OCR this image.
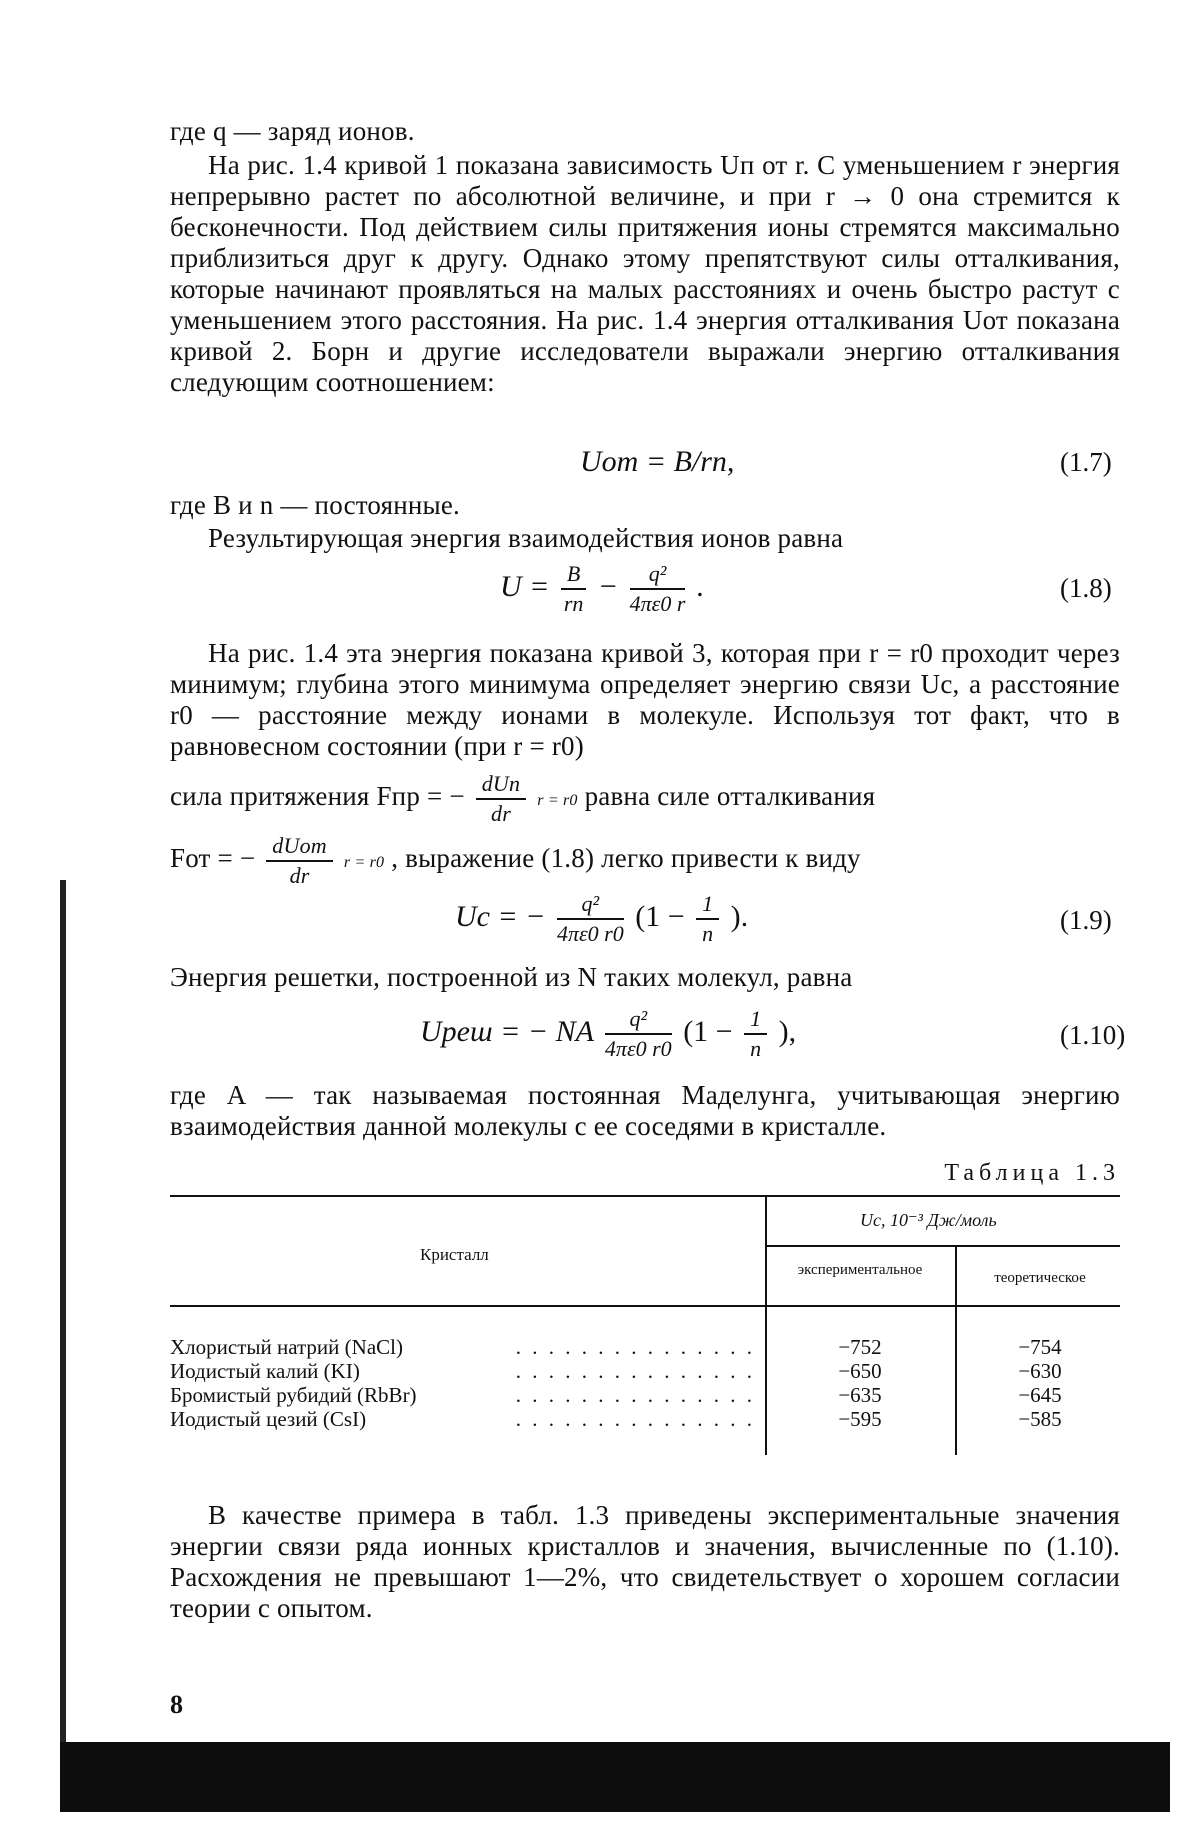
где q — заряд ионов.
На рис. 1.4 кривой 1 показана зависимость Uп от r. С уменьшением r энергия непрерывно растет по абсолютной величине, и при r → 0 она стремится к бесконечности. Под действием силы притяжения ионы стремятся максимально приблизиться друг к другу. Однако этому препятствуют силы отталкивания, которые начинают проявляться на малых расстояниях и очень быстро растут с уменьшением этого расстояния. На рис. 1.4 энергия отталкивания Uот показана кривой 2. Борн и другие исследователи выражали энергию отталкивания следующим соотношением:
Uот = B/rn,	(1.7)
где B и n — постоянные.
Результирующая энергия взаимодействия ионов равна
$U = \frac{B}{rn} - \frac{\text{q²}}{4\pi\varepsilon 0 r}$ .	(1.8)
На рис. 1.4 эта энергия показана кривой 3, которая при r = r0 проходит через минимум; глубина этого минимума определяет энергию связи Uс, а расстояние r0 — расстояние между ионами в молекуле. Используя тот факт, что в равновесном состоянии (при r = r0)
сила притяжения Fпр = − $\frac{\text{dUп}}{dr}$ r = r0 равна силе отталкивания
Fот = − $\frac{\text{dUот}}{dr}$ r = r0 , выражение (1.8) легко привести к виду
Uс = − $\frac{\text{q²}}{4\pi\varepsilon 0 r0} (1 - \frac{1}{n}$ ).	(1.9)
Энергия решетки, построенной из N таких молекул, равна
Uреш = − NA $\frac{\text{q²}}{4\pi\varepsilon 0 r0} (1 - \frac{1}{n}$ ),	(1.10)
где A — так называемая постоянная Маделунга, учитывающая энергию взаимодействия данной молекулы с ее соседями в кристалле.
Таблица 1.3
Кристалл
Uс, 10⁻³ Дж/моль
экспериментальное	теоретическое
Хлористый натрий (NaCl) . . .	−752	−754
Иодистый калий (KI) . . .	−650	−630
Бромистый рубидий (RbBr) . . .	−635	−645
Иодистый цезий (CsI) . . .	−595	−585
В качестве примера в табл. 1.3 приведены экспериментальные значения энергии связи ряда ионных кристаллов и значения, вычисленные по (1.10). Расхождения не превышают 1—2%, что свидетельствует о хорошем согласии теории с опытом.
8
